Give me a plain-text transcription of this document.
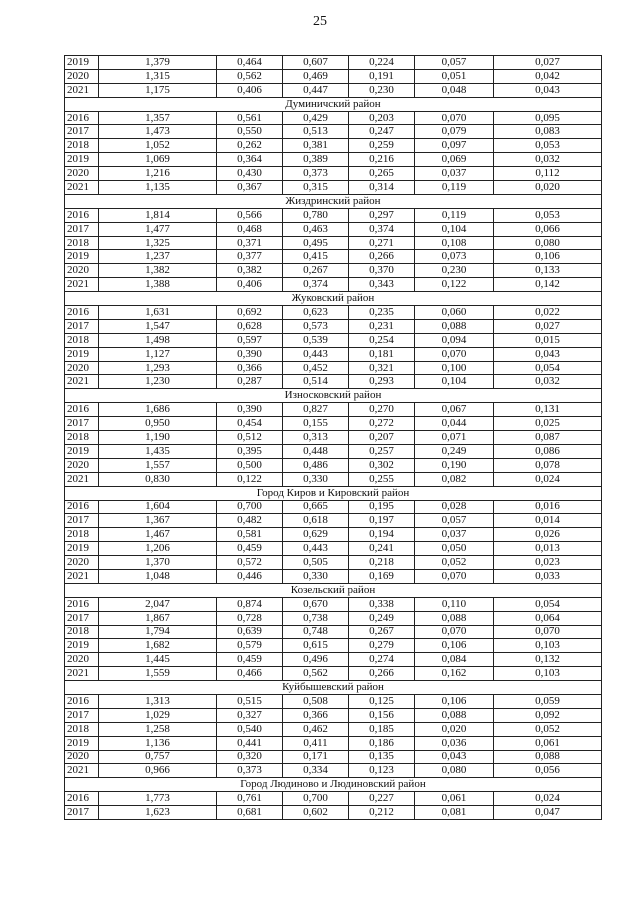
25
2019	1,379	0,464	0,607	0,224	0,057	0,027
2020	1,315	0,562	0,469	0,191	0,051	0,042
2021	1,175	0,406	0,447	0,230	0,048	0,043
Думиничский район						
2016	1,357	0,561	0,429	0,203	0,070	0,095
2017	1,473	0,550	0,513	0,247	0,079	0,083
2018	1,052	0,262	0,381	0,259	0,097	0,053
2019	1,069	0,364	0,389	0,216	0,069	0,032
2020	1,216	0,430	0,373	0,265	0,037	0,112
2021	1,135	0,367	0,315	0,314	0,119	0,020
Жиздринский район						
2016	1,814	0,566	0,780	0,297	0,119	0,053
2017	1,477	0,468	0,463	0,374	0,104	0,066
2018	1,325	0,371	0,495	0,271	0,108	0,080
2019	1,237	0,377	0,415	0,266	0,073	0,106
2020	1,382	0,382	0,267	0,370	0,230	0,133
2021	1,388	0,406	0,374	0,343	0,122	0,142
Жуковский район						
2016	1,631	0,692	0,623	0,235	0,060	0,022
2017	1,547	0,628	0,573	0,231	0,088	0,027
2018	1,498	0,597	0,539	0,254	0,094	0,015
2019	1,127	0,390	0,443	0,181	0,070	0,043
2020	1,293	0,366	0,452	0,321	0,100	0,054
2021	1,230	0,287	0,514	0,293	0,104	0,032
Износковский район						
2016	1,686	0,390	0,827	0,270	0,067	0,131
2017	0,950	0,454	0,155	0,272	0,044	0,025
2018	1,190	0,512	0,313	0,207	0,071	0,087
2019	1,435	0,395	0,448	0,257	0,249	0,086
2020	1,557	0,500	0,486	0,302	0,190	0,078
2021	0,830	0,122	0,330	0,255	0,082	0,024
Город Киров и Кировский район						
2016	1,604	0,700	0,665	0,195	0,028	0,016
2017	1,367	0,482	0,618	0,197	0,057	0,014
2018	1,467	0,581	0,629	0,194	0,037	0,026
2019	1,206	0,459	0,443	0,241	0,050	0,013
2020	1,370	0,572	0,505	0,218	0,052	0,023
2021	1,048	0,446	0,330	0,169	0,070	0,033
Козельский район						
2016	2,047	0,874	0,670	0,338	0,110	0,054
2017	1,867	0,728	0,738	0,249	0,088	0,064
2018	1,794	0,639	0,748	0,267	0,070	0,070
2019	1,682	0,579	0,615	0,279	0,106	0,103
2020	1,445	0,459	0,496	0,274	0,084	0,132
2021	1,559	0,466	0,562	0,266	0,162	0,103
Куйбышевский район						
2016	1,313	0,515	0,508	0,125	0,106	0,059
2017	1,029	0,327	0,366	0,156	0,088	0,092
2018	1,258	0,540	0,462	0,185	0,020	0,052
2019	1,136	0,441	0,411	0,186	0,036	0,061
2020	0,757	0,320	0,171	0,135	0,043	0,088
2021	0,966	0,373	0,334	0,123	0,080	0,056
Город Людиново и Людиновский район						
2016	1,773	0,761	0,700	0,227	0,061	0,024
2017	1,623	0,681	0,602	0,212	0,081	0,047
